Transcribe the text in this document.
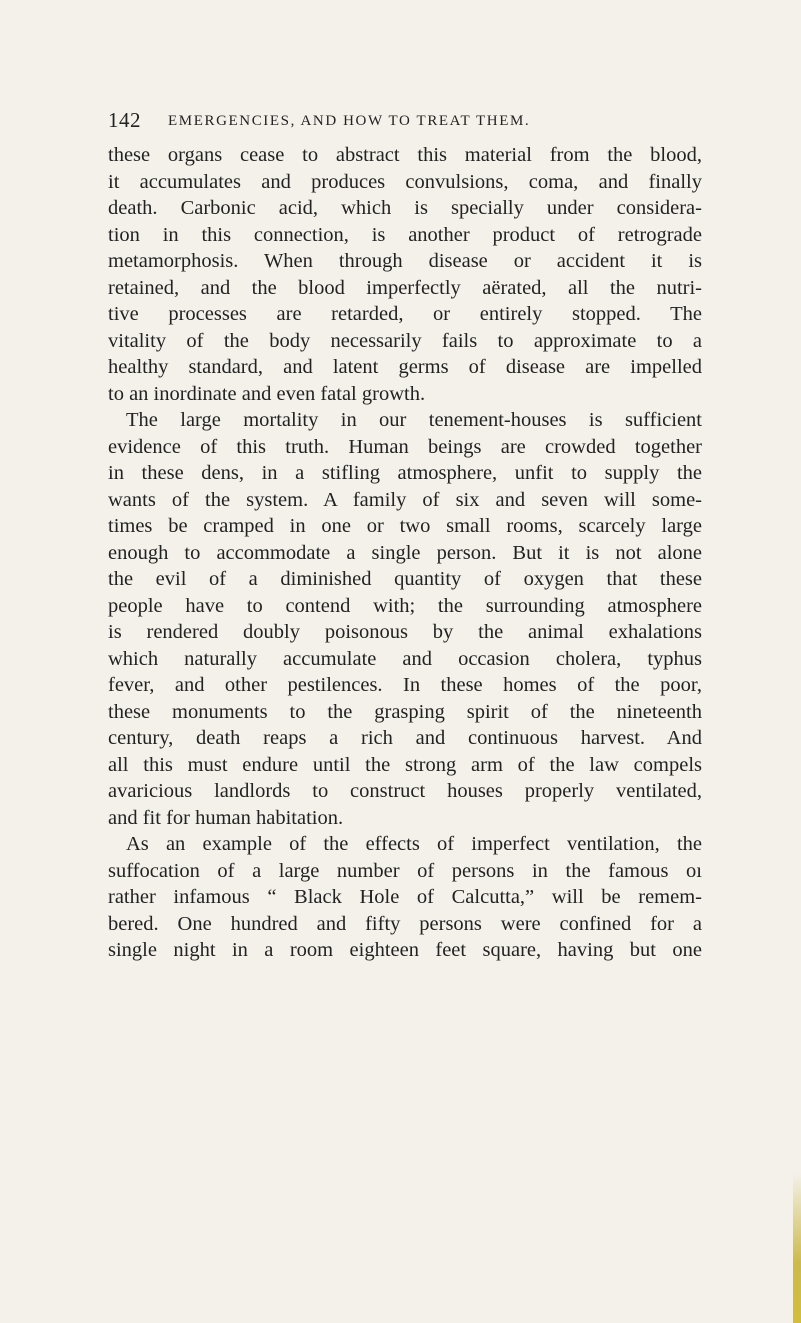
142 EMERGENCIES, AND HOW TO TREAT THEM.
these organs cease to abstract this material from the blood,
it accumulates and produces convulsions, coma, and finally
death. Carbonic acid, which is specially under considera-
tion in this connection, is another product of retrograde
metamorphosis. When through disease or accident it is
retained, and the blood imperfectly aërated, all the nutri-
tive processes are retarded, or entirely stopped. The
vitality of the body necessarily fails to approximate to a
healthy standard, and latent germs of disease are impelled
to an inordinate and even fatal growth.
The large mortality in our tenement-houses is sufficient
evidence of this truth. Human beings are crowded together
in these dens, in a stifling atmosphere, unfit to supply the
wants of the system. A family of six and seven will some-
times be cramped in one or two small rooms, scarcely large
enough to accommodate a single person. But it is not alone
the evil of a diminished quantity of oxygen that these
people have to contend with; the surrounding atmosphere
is rendered doubly poisonous by the animal exhalations
which naturally accumulate and occasion cholera, typhus
fever, and other pestilences. In these homes of the poor,
these monuments to the grasping spirit of the nineteenth
century, death reaps a rich and continuous harvest. And
all this must endure until the strong arm of the law compels
avaricious landlords to construct houses properly ventilated,
and fit for human habitation.
As an example of the effects of imperfect ventilation, the
suffocation of a large number of persons in the famous oı
rather infamous “ Black Hole of Calcutta,” will be remem-
bered. One hundred and fifty persons were confined for a
single night in a room eighteen feet square, having but one
